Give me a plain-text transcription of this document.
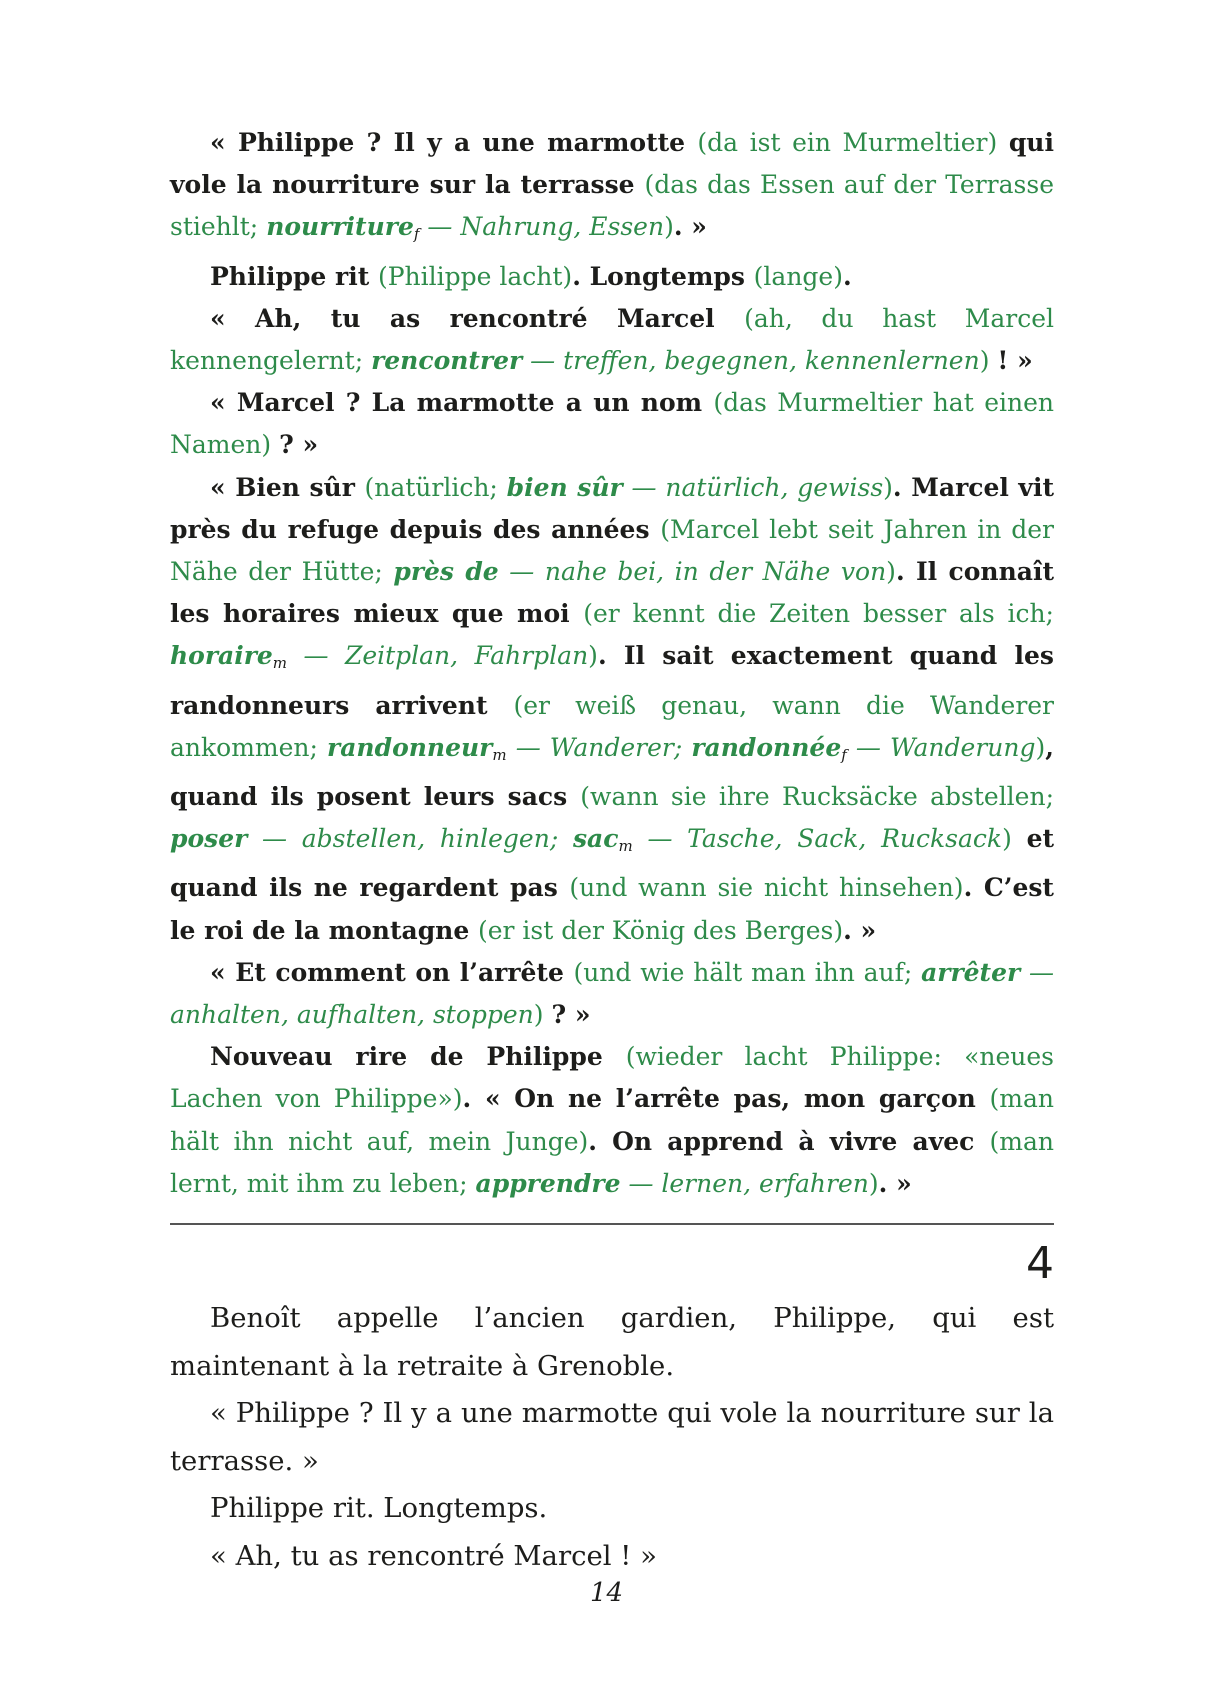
« Philippe ? Il y a une marmotte (da ist ein Murmeltier) qui vole la nourriture sur la terrasse (das das Essen auf der Terrasse stiehlt; nourriture$_f$ — Nahrung, Essen). »

Philippe rit (Philippe lacht). Longtemps (lange).

« Ah, tu as rencontré Marcel (ah, du hast Marcel kennengelernt; rencontrer — treffen, begegnen, kennenlernen) ! »

« Marcel ? La marmotte a un nom (das Murmeltier hat einen Namen) ? »

« Bien sûr (natürlich; bien sûr — natürlich, gewiss). Marcel vit près du refuge depuis des années (Marcel lebt seit Jahren in der Nähe der Hütte; près de — nahe bei, in der Nähe von). Il connaît les horaires mieux que moi (er kennt die Zeiten besser als ich; horaire$_m$ — Zeitplan, Fahrplan). Il sait exactement quand les randonneurs arrivent (er weiß genau, wann die Wanderer ankommen; randonneur$_m$ — Wanderer; randonnée$_f$ — Wanderung), quand ils posent leurs sacs (wann sie ihre Rucksäcke abstellen; poser — abstellen, hinlegen; sac$_m$ — Tasche, Sack, Rucksack) et quand ils ne regardent pas (und wann sie nicht hinsehen). C’est le roi de la montagne (er ist der König des Berges). »

« Et comment on l’arrête (und wie hält man ihn auf; arrêter — anhalten, aufhalten, stoppen) ? »

Nouveau rire de Philippe (wieder lacht Philippe: «neues Lachen von Philippe»). « On ne l’arrête pas, mon garçon (man hält ihn nicht auf, mein Junge). On apprend à vivre avec (man lernt, mit ihm zu leben; apprendre — lernen, erfahren). »

4

Benoît appelle l’ancien gardien, Philippe, qui est maintenant à la retraite à Grenoble.

« Philippe ? Il y a une marmotte qui vole la nourriture sur la terrasse. »

Philippe rit. Longtemps.

« Ah, tu as rencontré Marcel ! »

14
